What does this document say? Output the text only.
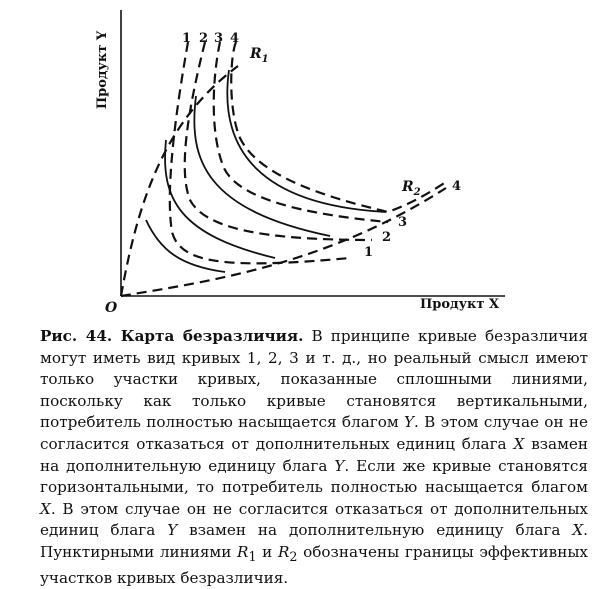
Продукт Y
Продукт X
O
1 2 3 4
1
2
3
4
$R_1$
$R_2$
Рис. 44. Карта безразличия. В принципе кривые безразличия могут иметь вид кривых 1, 2, 3 и т. д., но реальный смысл имеют только участки кривых, показанные сплошными линиями, поскольку как только кривые становятся вертикальными, потребитель полностью насыщается благом Y. В этом случае он не согласится отказаться от дополнительных единиц блага X взамен на дополнительную единицу блага Y. Если же кривые становятся горизонтальными, то потребитель полностью насыщается благом X. В этом случае он не согласится отказаться от дополнительных единиц блага Y взамен на дополнительную единицу блага X. Пунктирными линиями $R_1$ и $R_2$ обозначены границы эффективных участков кривых безразличия.
